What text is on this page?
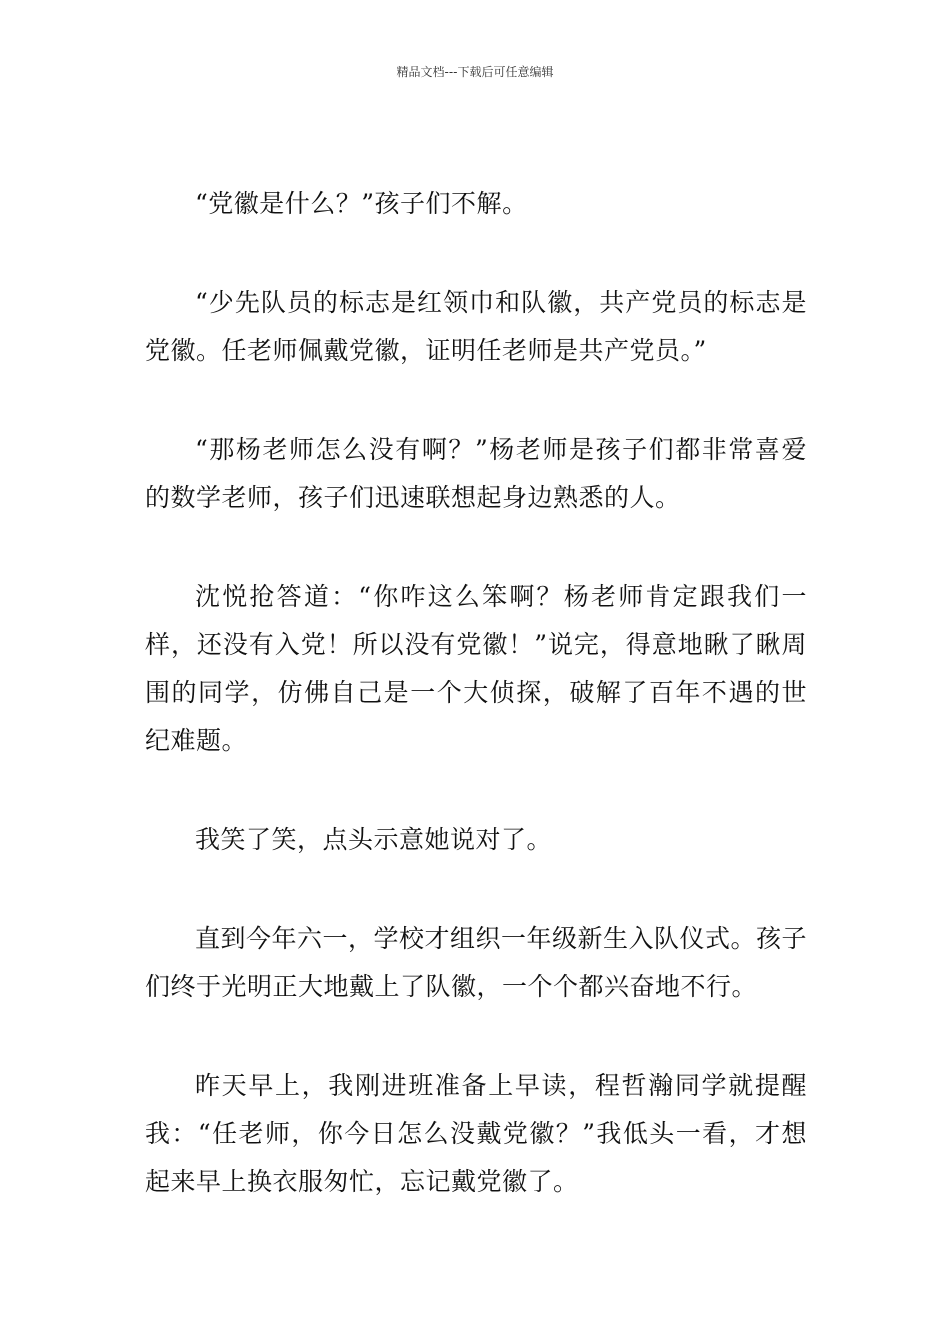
精品文档---下载后可任意编辑

“党徽是什么？”孩子们不解。

“少先队员的标志是红领巾和队徽，共产党员的标志是党徽。任老师佩戴党徽，证明任老师是共产党员。”

“那杨老师怎么没有啊？”杨老师是孩子们都非常喜爱的数学老师，孩子们迅速联想起身边熟悉的人。

沈悦抢答道：“你咋这么笨啊？杨老师肯定跟我们一样，还没有入党！所以没有党徽！”说完，得意地瞅了瞅周围的同学，仿佛自己是一个大侦探，破解了百年不遇的世纪难题。

我笑了笑，点头示意她说对了。

直到今年六一，学校才组织一年级新生入队仪式。孩子们终于光明正大地戴上了队徽，一个个都兴奋地不行。

昨天早上，我刚进班准备上早读，程哲瀚同学就提醒我：“任老师，你今日怎么没戴党徽？”我低头一看，才想起来早上换衣服匆忙，忘记戴党徽了。
